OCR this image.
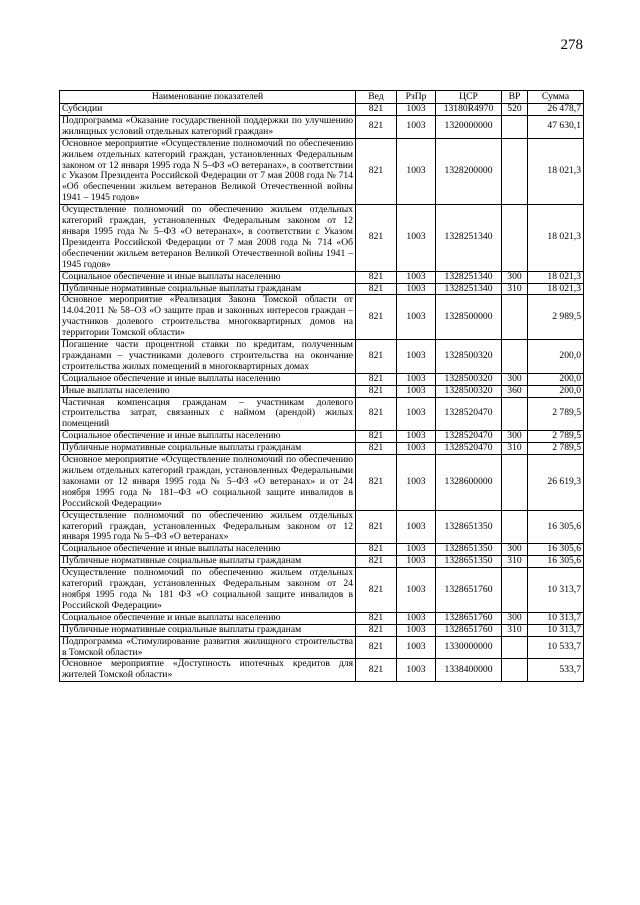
278
Наименование показателей	Вед	РзПр	ЦСР	ВР	Сумма
Субсидии	821	1003	13180R4970	520	26 478,7
Подпрограмма «Оказание государственной поддержки по улучшению жилищных условий отдельных категорий граждан»	821	1003	1320000000		47 630,1
Основное мероприятие «Осуществление полномочий по обеспечению жильем отдельных категорий граждан, установленных Федеральным законом от 12 января 1995 года N 5–ФЗ «О ветеранах», в соответствии с Указом Президента Российской Федерации от 7 мая 2008 года № 714 «Об обеспечении жильем ветеранов Великой Отечественной войны 1941 – 1945 годов»	821	1003	1328200000		18 021,3
Осуществление полномочий по обеспечению жильем отдельных категорий граждан, установленных Федеральным законом от 12 января 1995 года № 5–ФЗ «О ветеранах», в соответствии с Указом Президента Российской Федерации от 7 мая 2008 года № 714 «Об обеспечении жильем ветеранов Великой Отечественной войны 1941 – 1945 годов»	821	1003	1328251340		18 021,3
Социальное обеспечение и иные выплаты населению	821	1003	1328251340	300	18 021,3
Публичные нормативные социальные выплаты гражданам	821	1003	1328251340	310	18 021,3
Основное мероприятие «Реализация Закона Томской области от 14.04.2011 № 58–ОЗ «О защите прав и законных интересов граждан – участников долевого строительства многоквартирных домов на территории Томской области»	821	1003	1328500000		2 989,5
Погашение части процентной ставки по кредитам, полученным гражданами – участниками долевого строительства на окончание строительства жилых помещений в многоквартирных домах	821	1003	1328500320		200,0
Социальное обеспечение и иные выплаты населению	821	1003	1328500320	300	200,0
Иные выплаты населению	821	1003	1328500320	360	200,0
Частичная компенсация гражданам – участникам долевого строительства затрат, связанных с наймом (арендой) жилых помещений	821	1003	1328520470		2 789,5
Социальное обеспечение и иные выплаты населению	821	1003	1328520470	300	2 789,5
Публичные нормативные социальные выплаты гражданам	821	1003	1328520470	310	2 789,5
Основное мероприятие «Осуществление полномочий по обеспечению жильем отдельных категорий граждан, установленных Федеральными законами от 12 января 1995 года № 5–ФЗ «О ветеранах» и от 24 ноября 1995 года № 181–ФЗ «О социальной защите инвалидов в Российской Федерации»	821	1003	1328600000		26 619,3
Осуществление полномочий по обеспечению жильем отдельных категорий граждан, установленных Федеральным законом от 12 января 1995 года № 5–ФЗ «О ветеранах»	821	1003	1328651350		16 305,6
Социальное обеспечение и иные выплаты населению	821	1003	1328651350	300	16 305,6
Публичные нормативные социальные выплаты гражданам	821	1003	1328651350	310	16 305,6
Осуществление полномочий по обеспечению жильем отдельных категорий граждан, установленных Федеральным законом от 24 ноября 1995 года № 181 ФЗ «О социальной защите инвалидов в Российской Федерации»	821	1003	1328651760		10 313,7
Социальное обеспечение и иные выплаты населению	821	1003	1328651760	300	10 313,7
Публичные нормативные социальные выплаты гражданам	821	1003	1328651760	310	10 313,7
Подпрограмма «Стимулирование развития жилищного строительства в Томской области»	821	1003	1330000000		10 533,7
Основное мероприятие «Доступность ипотечных кредитов для жителей Томской области»	821	1003	1338400000		533,7
